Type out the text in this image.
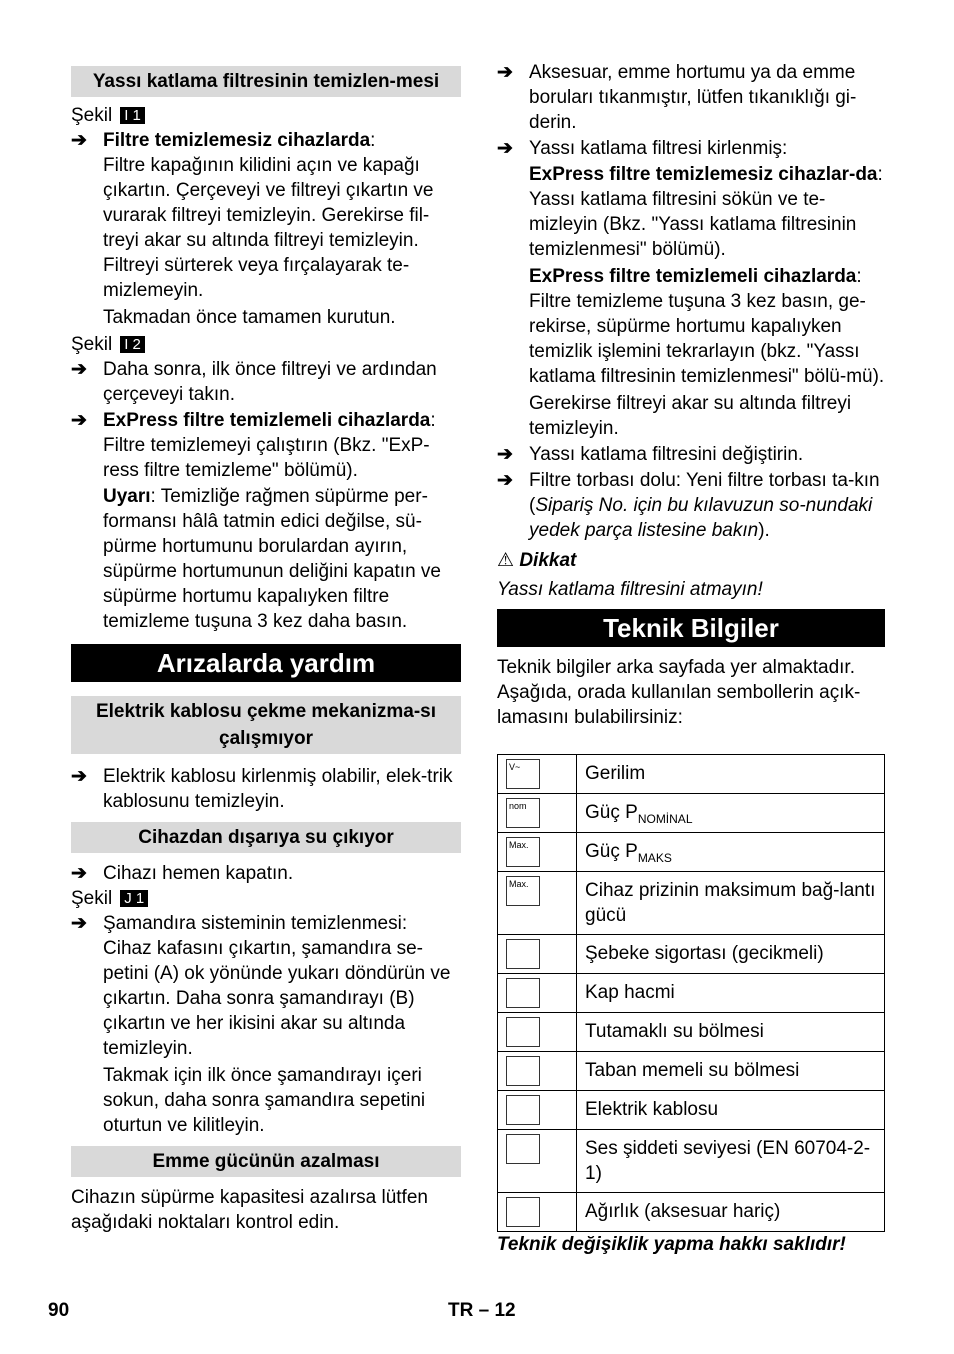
Yassı katlama filtresinin temizlen-mesi
Şekil I 1
➔ Filtre temizlemesiz cihazlarda:
Filtre kapağının kilidini açın ve kapağı çıkartın. Çerçeveyi ve filtreyi çıkartın ve vurarak filtreyi temizleyin. Gerekirse fil-treyi akar su altında filtreyi temizleyin. Filtreyi sürterek veya fırçalayarak te-mizlemeyin.
Takmadan önce tamamen kurutun.
Şekil I 2
➔ Daha sonra, ilk önce filtreyi ve ardından çerçeveyi takın.
➔ ExPress filtre temizlemeli cihazlarda: Filtre temizlemeyi çalıştırın (Bkz. "ExP-ress filtre temizleme" bölümü).
Uyarı: Temizliğe rağmen süpürme per-formansı hâlâ tatmin edici değilse, sü-pürme hortumunu borulardan ayırın, süpürme hortumunun deliğini kapatın ve süpürme hortumu kapalıyken filtre temizleme tuşuna 3 kez daha basın.
Arızalarda yardım
Elektrik kablosu çekme mekanizma-sı çalışmıyor
➔ Elektrik kablosu kirlenmiş olabilir, elek-trik kablosunu temizleyin.
Cihazdan dışarıya su çıkıyor
➔ Cihazı hemen kapatın.
Şekil J 1
➔ Şamandıra sisteminin temizlenmesi:
Cihaz kafasını çıkartın, şamandıra se-petini (A) ok yönünde yukarı döndürün ve çıkartın. Daha sonra şamandırayı (B) çıkartın ve her ikisini akar su altında temizleyin.
Takmak için ilk önce şamandırayı içeri sokun, daha sonra şamandıra sepetini oturtun ve kilitleyin.
Emme gücünün azalması
Cihazın süpürme kapasitesi azalırsa lütfen aşağıdaki noktaları kontrol edin.
➔ Aksesuar, emme hortumu ya da emme boruları tıkanmıştır, lütfen tıkanıklığı gi-derin.
➔ Yassı katlama filtresi kirlenmiş:
ExPress filtre temizlemesiz cihazlar-da: Yassı katlama filtresini sökün ve te-mizleyin (Bkz. "Yassı katlama filtresinin temizlenmesi" bölümü).
ExPress filtre temizlemeli cihazlarda: Filtre temizleme tuşuna 3 kez basın, ge-rekirse, süpürme hortumu kapalıyken temizlik işlemini tekrarlayın (bkz. "Yassı katlama filtresinin temizlenmesi" bölü-mü).
Gerekirse filtreyi akar su altında filtreyi temizleyin.
➔ Yassı katlama filtresini değiştirin.
➔ Filtre torbası dolu: Yeni filtre torbası ta-kın (Sipariş No. için bu kılavuzun so-nundaki yedek parça listesine bakın).
⚠ Dikkat
Yassı katlama filtresini atmayın!
Teknik Bilgiler
Teknik bilgiler arka sayfada yer almaktadır. Aşağıda, orada kullanılan sembollerin açık-lamasını bulabilirsiniz:
V~	Gerilim

nom	Güç $P_{NOMİNAL}$

Max.	Güç $P_{MAKS}$

Max.	Cihaz prizinin maksimum bağ-lantı gücü

	Şebeke sigortası (gecikmeli)

	Kap hacmi

	Tutamaklı su bölmesi

	Taban memeli su bölmesi

	Elektrik kablosu

	Ses şiddeti seviyesi (EN 60704-2-1)

	Ağırlık (aksesuar hariç)
Teknik değişiklik yapma hakkı saklıdır!
90	TR – 12
